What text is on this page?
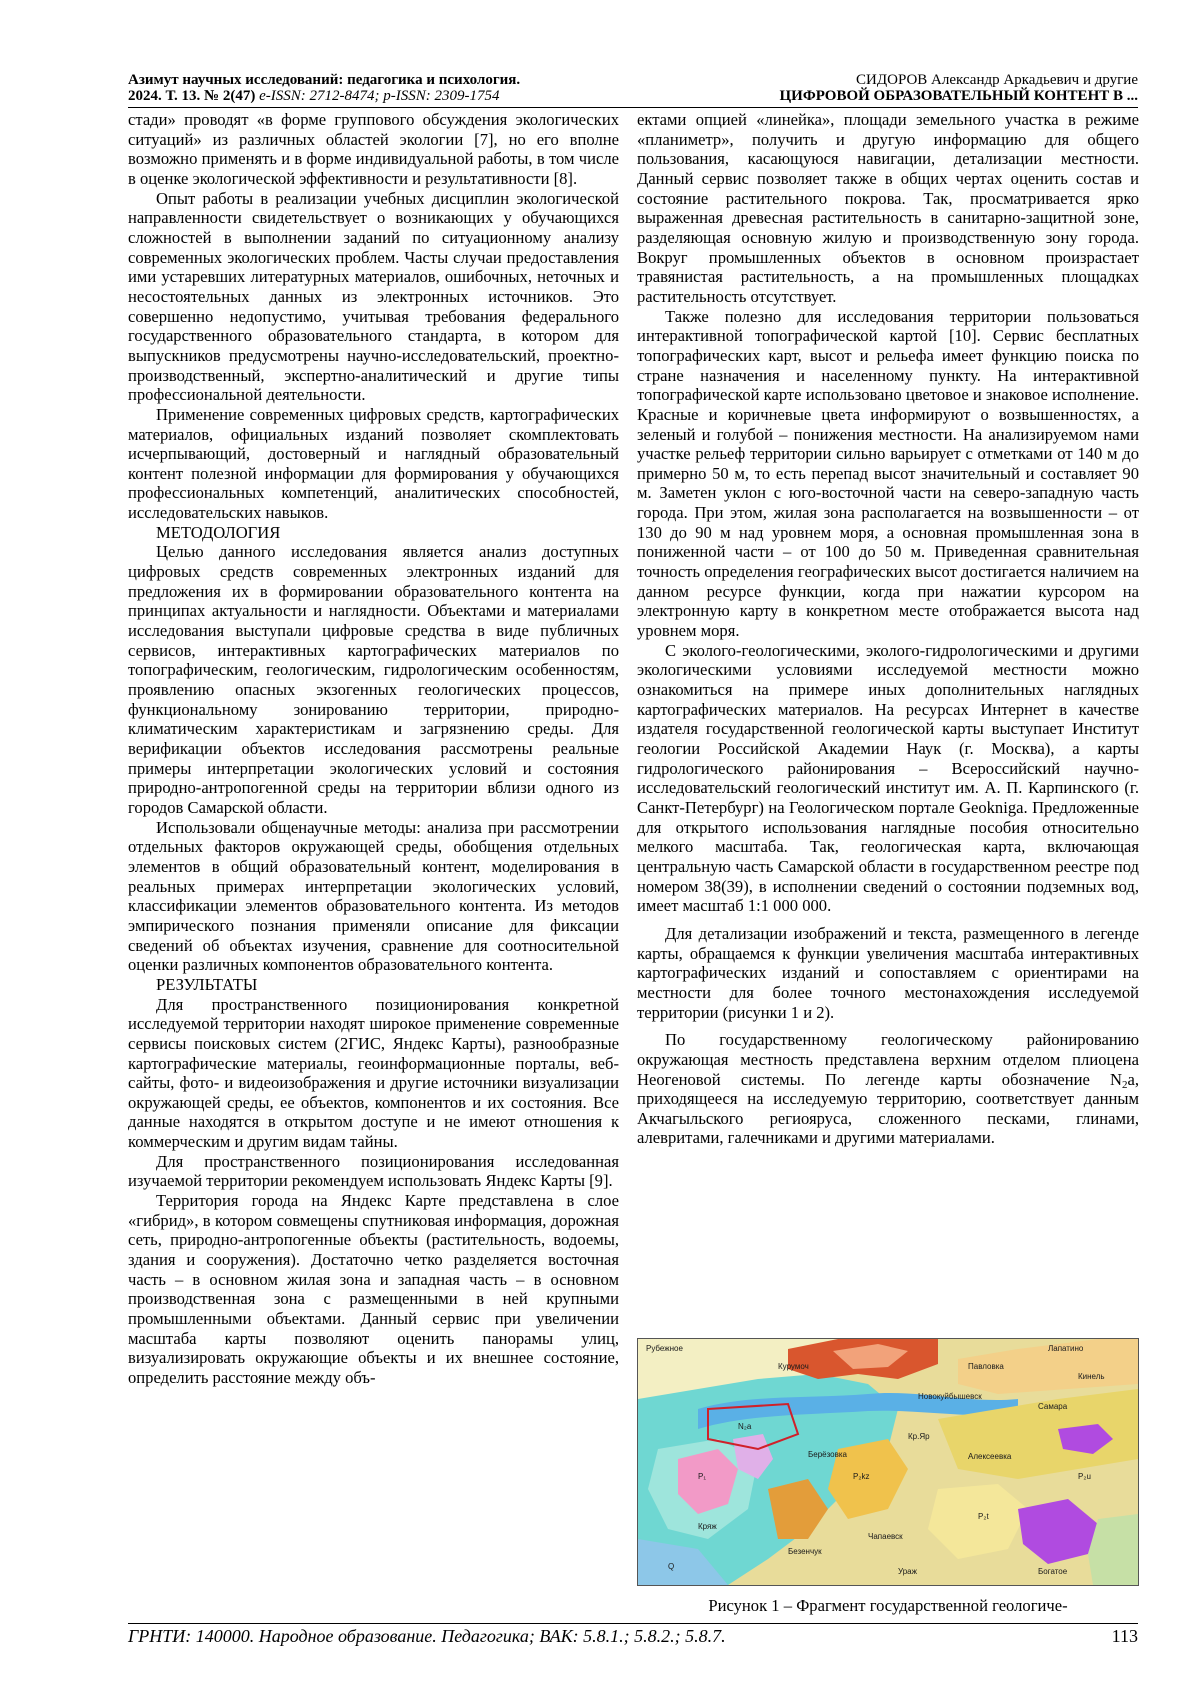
Азимут научных исследований: педагогика и психология.
2024. Т. 13. № 2(47) e-ISSN: 2712-8474; p-ISSN: 2309-1754
СИДОРОВ Александр Аркадьевич и другие
ЦИФРОВОЙ ОБРАЗОВАТЕЛЬНЫЙ КОНТЕНТ В ...

стади» проводят «в форме группового обсуждения экологических ситуаций» из различных областей экологии [7], но его вполне возможно применять и в форме индивидуальной работы, в том числе в оценке экологической эффективности и результативности [8].

Опыт работы в реализации учебных дисциплин экологической направленности свидетельствует о возникающих у обучающихся сложностей в выполнении заданий по ситуационному анализу современных экологических проблем. Часты случаи предоставления ими устаревших литературных материалов, ошибочных, неточных и несостоятельных данных из электронных источников. Это совершенно недопустимо, учитывая требования федерального государственного образовательного стандарта, в котором для выпускников предусмотрены научно-исследовательский, проектно-производственный, экспертно-аналитический и другие типы профессиональной деятельности.

Применение современных цифровых средств, картографических материалов, официальных изданий позволяет скомплектовать исчерпывающий, достоверный и наглядный образовательный контент полезной информации для формирования у обучающихся профессиональных компетенций, аналитических способностей, исследовательских навыков.

МЕТОДОЛОГИЯ

Целью данного исследования является анализ доступных цифровых средств современных электронных изданий для предложения их в формировании образовательного контента на принципах актуальности и наглядности. Объектами и материалами исследования выступали цифровые средства в виде публичных сервисов, интерактивных картографических материалов по топографическим, геологическим, гидрологическим особенностям, проявлению опасных экзогенных геологических процессов, функциональному зонированию территории, природно-климатическим характеристикам и загрязнению среды. Для верификации объектов исследования рассмотрены реальные примеры интерпретации экологических условий и состояния природно-антропогенной среды на территории вблизи одного из городов Самарской области.

Использовали общенаучные методы: анализа при рассмотрении отдельных факторов окружающей среды, обобщения отдельных элементов в общий образовательный контент, моделирования в реальных примерах интерпретации экологических условий, классификации элементов образовательного контента. Из методов эмпирического познания применяли описание для фиксации сведений об объектах изучения, сравнение для соотносительной оценки различных компонентов образовательного контента.

РЕЗУЛЬТАТЫ

Для пространственного позиционирования конкретной исследуемой территории находят широкое применение современные сервисы поисковых систем (2ГИС, Яндекс Карты), разнообразные картографические материалы, геоинформационные порталы, веб-сайты, фото- и видеоизображения и другие источники визуализации окружающей среды, ее объектов, компонентов и их состояния. Все данные находятся в открытом доступе и не имеют отношения к коммерческим и другим видам тайны.

Для пространственного позиционирования исследованная изучаемой территории рекомендуем использовать Яндекс Карты [9].

Территория города на Яндекс Карте представлена в слое «гибрид», в котором совмещены спутниковая информация, дорожная сеть, природно-антропогенные объекты (растительность, водоемы, здания и сооружения). Достаточно четко разделяется восточная часть – в основном жилая зона и западная часть – в основном производственная зона с размещенными в ней крупными промышленными объектами. Данный сервис при увеличении масштаба карты позволяют оценить панорамы улиц, визуализировать окружающие объекты и их внешнее состояние, определить расстояние между объ-

ектами опцией «линейка», площади земельного участка в режиме «планиметр», получить и другую информацию для общего пользования, касающуюся навигации, детализации местности. Данный сервис позволяет также в общих чертах оценить состав и состояние растительного покрова. Так, просматривается ярко выраженная древесная растительность в санитарно-защитной зоне, разделяющая основную жилую и производственную зону города. Вокруг промышленных объектов в основном произрастает травянистая растительность, а на промышленных площадках растительность отсутствует.

Также полезно для исследования территории пользоваться интерактивной топографической картой [10]. Сервис бесплатных топографических карт, высот и рельефа имеет функцию поиска по стране назначения и населенному пункту. На интерактивной топографической карте использовано цветовое и знаковое исполнение. Красные и коричневые цвета информируют о возвышенностях, а зеленый и голубой – понижения местности. На анализируемом нами участке рельеф территории сильно варьирует с отметками от 140 м до примерно 50 м, то есть перепад высот значительный и составляет 90 м. Заметен уклон с юго-восточной части на северо-западную часть города. При этом, жилая зона располагается на возвышенности – от 130 до 90 м над уровнем моря, а основная промышленная зона в пониженной части – от 100 до 50 м. Приведенная сравнительная точность определения географических высот достигается наличием на данном ресурсе функции, когда при нажатии курсором на электронную карту в конкретном месте отображается высота над уровнем моря.

С эколого-геологическими, эколого-гидрологическими и другими экологическими условиями исследуемой местности можно ознакомиться на примере иных дополнительных наглядных картографических материалов. На ресурсах Интернет в качестве издателя государственной геологической карты выступает Институт геологии Российской Академии Наук (г. Москва), а карты гидрологического районирования – Всероссийский научно-исследовательский геологический институт им. А. П. Карпинского (г. Санкт-Петербург) на Геологическом портале Geokniga. Предложенные для открытого использования наглядные пособия относительно мелкого масштаба. Так, геологическая карта, включающая центральную часть Самарской области в государственном реестре под номером 38(39), в исполнении сведений о состоянии подземных вод, имеет масштаб 1:1 000 000.

Для детализации изображений и текста, размещенного в легенде карты, обращаемся к функции увеличения масштаба интерактивных картографических изданий и сопоставляем с ориентирами на местности для более точного местонахождения исследуемой территории (рисунки 1 и 2).

По государственному геологическому районированию окружающая местность представлена верхним отделом плиоцена Неогеновой системы. По легенде карты обозначение $N_2a$, приходящееся на исследуемую территорию, соответствует данным Акчагыльского региояруса, сложенного песками, глинами, алевритами, галечниками и другими материалами.

Рубежное	Лапатино
Павловка
Самара
Курумоч
Берёзовка
Кр.Яр
Безенчук
Кряж
Р₂kz
N₂a
Q
P₁
Р₂t
Р₂u
Чапаевск
Новокуйбышевск
Кинель
Алексеевка
Ураж	Богатое
Рисунок 1 – Фрагмент государственной геологиче-
ГРНТИ: 140000. Народное образование. Педагогика; ВАК: 5.8.1.; 5.8.2.; 5.8.7.	113
